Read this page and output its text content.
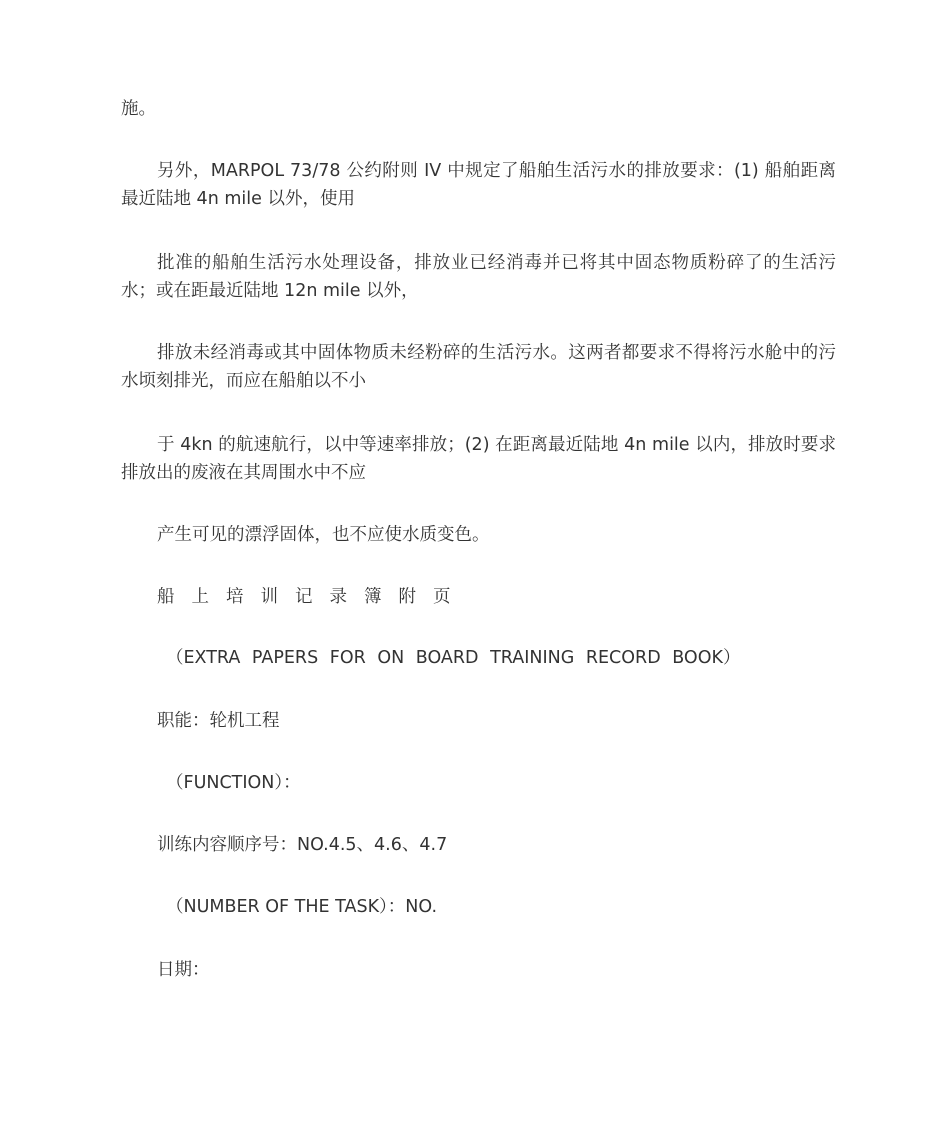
施。

另外，MARPOL 73/78 公约附则 IV 中规定了船舶生活污水的排放要求：(1) 船舶距离最近陆地 4n mile 以外，使用

批准的船舶生活污水处理设备，排放业已经消毒并已将其中固态物质粉碎了的生活污水；或在距最近陆地 12n mile 以外，

排放未经消毒或其中固体物质未经粉碎的生活污水。这两者都要求不得将污水舱中的污水顷刻排光，而应在船舶以不小

于 4kn 的航速航行，以中等速率排放；(2) 在距离最近陆地 4n mile 以内，排放时要求排放出的废液在其周围水中不应

产生可见的漂浮固体，也不应使水质变色。

船上培训记录簿附页

（EXTRA PAPERS FOR ON BOARD TRAINING RECORD BOOK）

职能：轮机工程

（FUNCTION）：

训练内容顺序号：NO.4.5、4.6、4.7

（NUMBER OF THE TASK）：NO.

日期：
